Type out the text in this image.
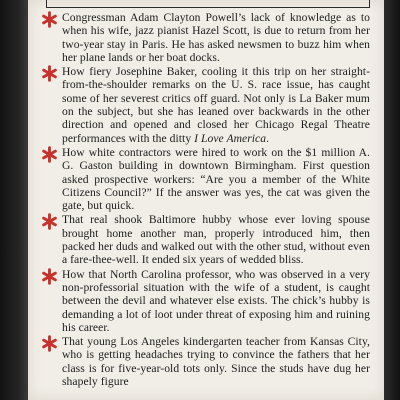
Congressman Adam Clayton Powell’s lack of knowledge as to when his wife, jazz pianist Hazel Scott, is due to return from her two-year stay in Paris. He has asked newsmen to buzz him when her plane lands or her boat docks.
How fiery Josephine Baker, cooling it this trip on her straight-from-the-shoulder remarks on the U. S. race issue, has caught some of her severest critics off guard. Not only is La Baker mum on the subject, but she has leaned over backwards in the other direction and opened and closed her Chicago Regal Theatre performances with the ditty I Love America.
How white contractors were hired to work on the $1 million A. G. Gaston building in downtown Birmingham. First question asked prospective workers: “Are you a member of the White Citizens Council?” If the answer was yes, the cat was given the gate, but quick.
That real shook Baltimore hubby whose ever loving spouse brought home another man, properly introduced him, then packed her duds and walked out with the other stud, without even a fare-thee-well. It ended six years of wedded bliss.
How that North Carolina professor, who was observed in a very non-professorial situation with the wife of a student, is caught between the devil and whatever else exists. The chick’s hubby is demanding a lot of loot under threat of exposing him and ruining his career.
That young Los Angeles kindergarten teacher from Kansas City, who is getting headaches trying to convince the fathers that her class is for five-year-old tots only. Since the studs have dug her shapely figure
